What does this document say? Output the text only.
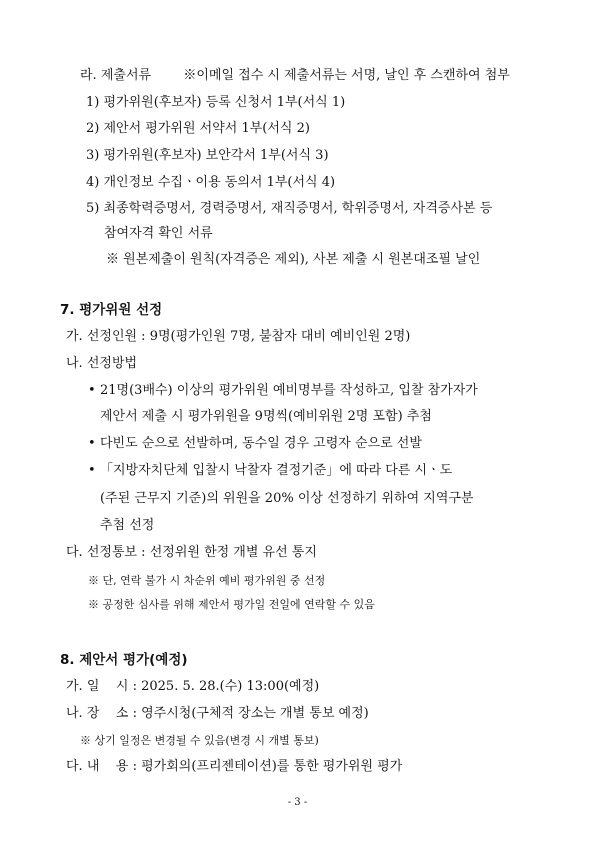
라. 제출서류 ※이메일 접수 시 제출서류는 서명, 날인 후 스캔하여 첨부
1) 평가위원(후보자) 등록 신청서 1부(서식 1)
2) 제안서 평가위원 서약서 1부(서식 2)
3) 평가위원(후보자) 보안각서 1부(서식 3)
4) 개인정보 수집ㆍ이용 동의서 1부(서식 4)
5) 최종학력증명서, 경력증명서, 재직증명서, 학위증명서, 자격증사본 등
참여자격 확인 서류
※ 원본제출이 원칙(자격증은 제외), 사본 제출 시 원본대조필 날인
7. 평가위원 선정
가. 선정인원 : 9명(평가인원 7명, 불참자 대비 예비인원 2명)
나. 선정방법
• 21명(3배수) 이상의 평가위원 예비명부를 작성하고, 입찰 참가자가
제안서 제출 시 평가위원을 9명씩(예비위원 2명 포함) 추첨
• 다빈도 순으로 선발하며, 동수일 경우 고령자 순으로 선발
• 「지방자치단체 입찰시 낙찰자 결정기준」에 따라 다른 시ㆍ도
(주된 근무지 기준)의 위원을 20% 이상 선정하기 위하여 지역구분
추첨 선정
다. 선정통보 : 선정위원 한정 개별 유선 통지
※ 단, 연락 불가 시 차순위 예비 평가위원 중 선정
※ 공정한 심사를 위해 제안서 평가일 전일에 연락할 수 있음
8. 제안서 평가(예정)
가. 일    시 : 2025. 5. 28.(수) 13:00(예정)
나. 장    소 : 영주시청(구체적 장소는 개별 통보 예정)
※ 상기 일정은 변경될 수 있음(변경 시 개별 통보)
다. 내    용 : 평가회의(프리젠테이션)를 통한 평가위원 평가
- 3 -
